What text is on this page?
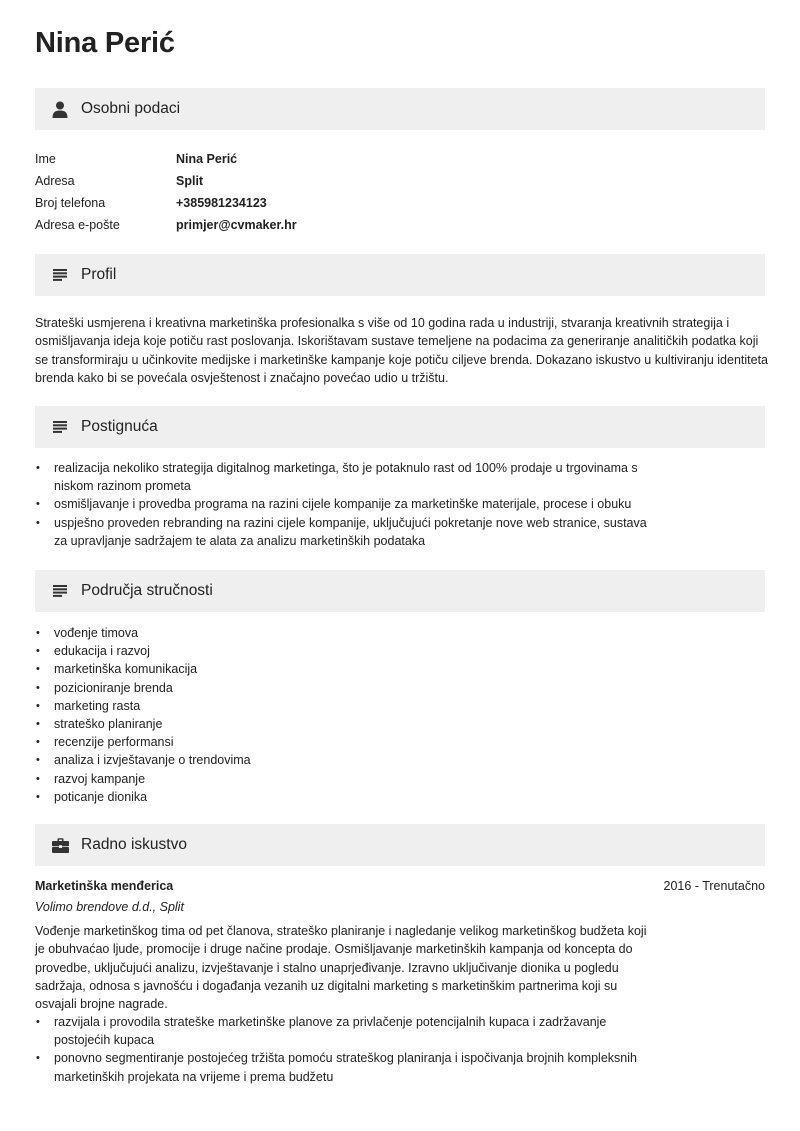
Nina Perić
Osobni podaci
Ime	Nina Perić
Adresa	Split
Broj telefona	+385981234123
Adresa e-pošte	primjer@cvmaker.hr
Profil

Strateški usmjerena i kreativna marketinška profesionalka s više od 10 godina rada u industriji, stvaranja kreativnih strategija i osmišljavanja ideja koje potiču rast poslovanja. Iskorištavam sustave temeljene na podacima za generiranje analitičkih podatka koji se transformiraju u učinkovite medijske i marketinške kampanje koje potiču ciljeve brenda. Dokazano iskustvo u kultiviranju identiteta brenda kako bi se povećala osvještenost i značajno povećao udio u tržištu.

Postignuća
• realizacija nekoliko strategija digitalnog marketinga, što je potaknulo rast od 100% prodaje u trgovinama s niskom razinom prometa
• osmišljavanje i provedba programa na razini cijele kompanije za marketinške materijale, procese i obuku
• uspješno proveden rebranding na razini cijele kompanije, uključujući pokretanje nove web stranice, sustava za upravljanje sadržajem te alata za analizu marketinških podataka
Područja stručnosti
• vođenje timova
• edukacija i razvoj
• marketinška komunikacija
• pozicioniranje brenda
• marketing rasta
• strateško planiranje
• recenzije performansi
• analiza i izvještavanje o trendovima
• razvoj kampanje
• poticanje dionika
Radno iskustvo
Marketinška menđerica	2016 - Trenutačno
Volimo brendove d.d., Split

Vođenje marketinškog tima od pet članova, strateško planiranje i nagledanje velikog marketinškog budžeta koji je obuhvaćao ljude, promocije i druge načine prodaje. Osmišljavanje marketinških kampanja od koncepta do provedbe, uključujući analizu, izvještavanje i stalno unaprjeđivanje. Izravno uključivanje dionika u pogledu sadržaja, odnosa s javnošću i događanja vezanih uz digitalni marketing s marketinškim partnerima koji su osvajali brojne nagrade.

• razvijala i provodila strateške marketinške planove za privlačenje potencijalnih kupaca i zadržavanje postojećih kupaca
• ponovno segmentiranje postojećeg tržišta pomoću strateškog planiranja i ispočivanja brojnih kompleksnih marketinških projekata na vrijeme i prema budžetu
